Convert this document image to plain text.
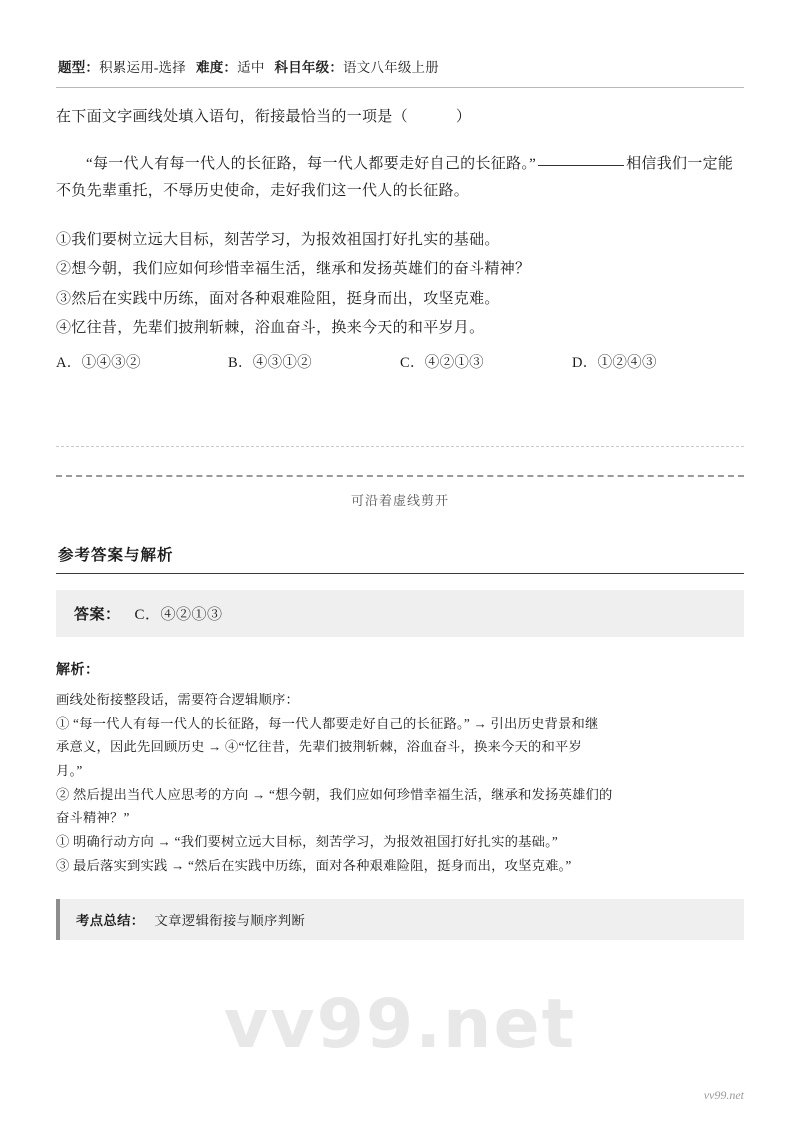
题型：积累运用-选择 难度：适中 科目年级：语文八年级上册
在下面文字画线处填入语句，衔接最恰当的一项是（	）
“每一代人有每一代人的长征路，每一代人都要走好自己的长征路。”	相信我们一定能不负先辈重托，不辱历史使命，走好我们这一代人的长征路。
①我们要树立远大目标，刻苦学习，为报效祖国打好扎实的基础。
②想今朝，我们应如何珍惜幸福生活，继承和发扬英雄们的奋斗精神？
③然后在实践中历练，面对各种艰难险阻，挺身而出，攻坚克难。
④忆往昔，先辈们披荆斩棘，浴血奋斗，换来今天的和平岁月。
A．①④③②	B．④③①②	C．④②①③	D．①②④③
可沿着虚线剪开
参考答案与解析
答案： C．④②①③
解析：

画线处衔接整段话，需要符合逻辑顺序：

① “每一代人有每一代人的长征路，每一代人都要走好自己的长征路。” → 引出历史背景和继

承意义，因此先回顾历史 → ④“忆往昔，先辈们披荆斩棘，浴血奋斗，换来今天的和平岁

月。”

② 然后提出当代人应思考的方向 → “想今朝，我们应如何珍惜幸福生活，继承和发扬英雄们的

奋斗精神？”

① 明确行动方向 → “我们要树立远大目标，刻苦学习，为报效祖国打好扎实的基础。”

③ 最后落实到实践 → “然后在实践中历练，面对各种艰难险阻，挺身而出，攻坚克难。”

考点总结： 文章逻辑衔接与顺序判断
vv99.net
vv99.net
